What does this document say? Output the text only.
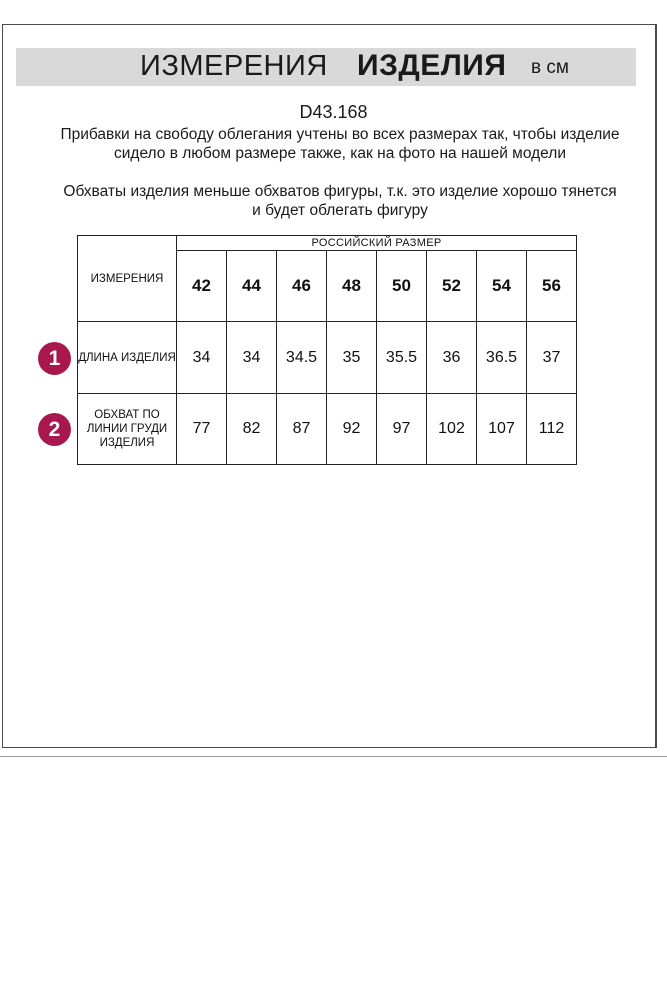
ИЗМЕРЕНИЯ ИЗДЕЛИЯ в см
D43.168
Прибавки на свободу облегания учтены во всех размерах так, чтобы изделие сидело в любом размере также, как на фото на нашей модели
Обхваты изделия меньше обхватов фигуры, т.к. это изделие хорошо тянется и будет облегать фигуру
1
2
ИЗМЕРЕНИЯ	РОССИЙСКИЙ РАЗМЕР							
	42	44	46	48	50	52	54	56
ДЛИНА ИЗДЕЛИЯ	34	34	34.5	35	35.5	36	36.5	37
ОБХВАТ ПО ЛИНИИ ГРУДИ ИЗДЕЛИЯ	77	82	87	92	97	102	107	112
